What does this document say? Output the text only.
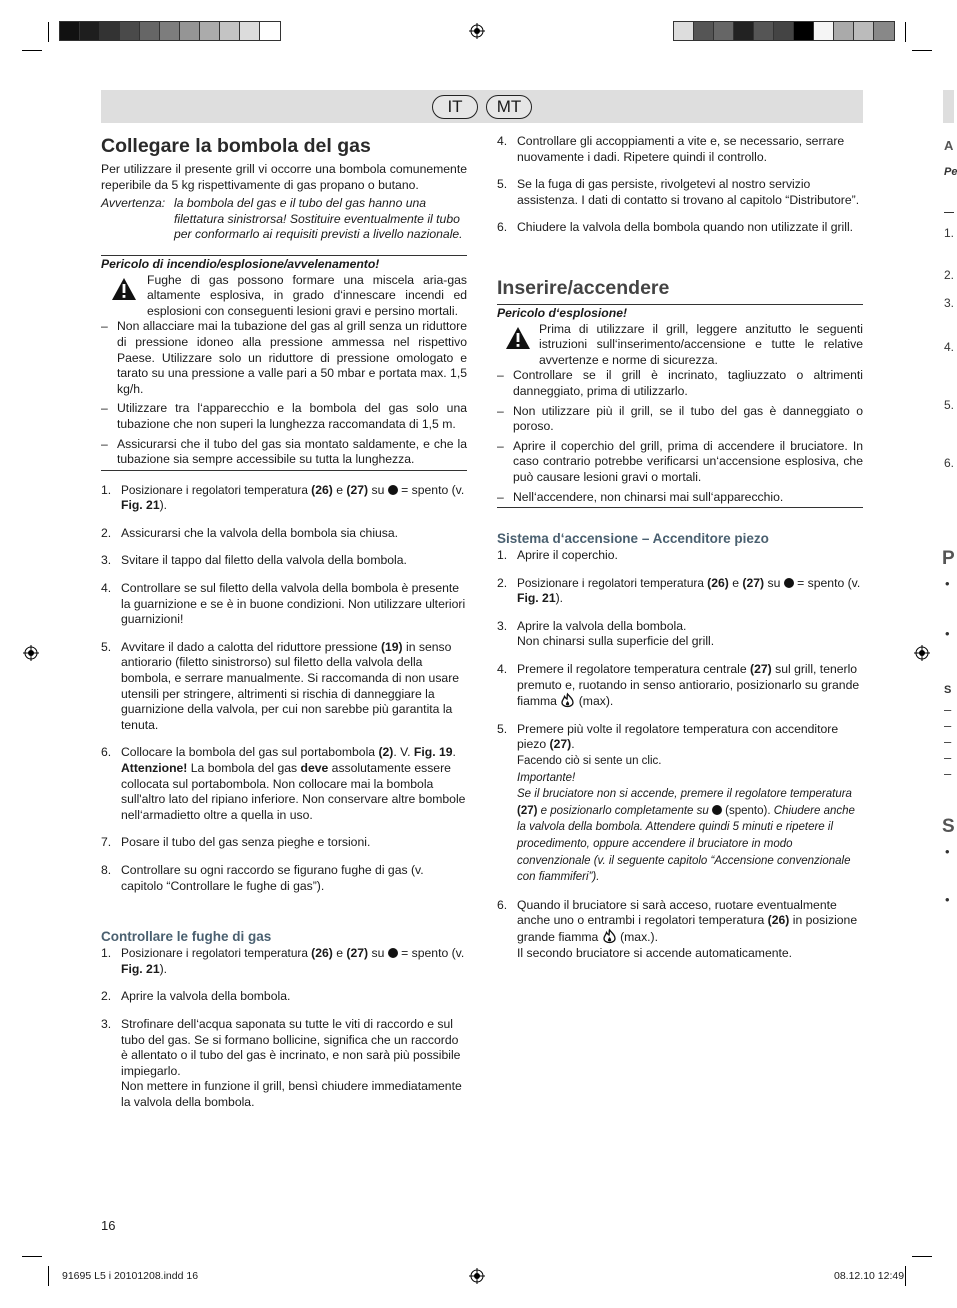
IT	MT
Collegare la bombola del gas

Per utilizzare il presente grill vi occorre una bombola comunemente reperibile da 5 kg rispettivamente di gas propano o butano.

Avvertenza: la bombola del gas e il tubo del gas hanno una filettatura sinistrorsa! Sostituire eventualmente il tubo per conformarlo ai requisiti previsti a livello nazionale.
Pericolo di incendio/esplosione/avvelenamento!

Fughe di gas possono formare una miscela aria-gas altamente esplosiva, in grado d‘innescare incendi ed esplosioni con conseguenti lesioni gravi e persino mortali.

– Non allacciare mai la tubazione del gas al grill senza un riduttore di pressione idoneo alla pressione ammessa nel rispettivo Paese. Utilizzare solo un riduttore di pressione omologato e tarato su una pressione a valle pari a 50 mbar e portata max. 1,5 kg/h.
– Utilizzare tra l‘apparecchio e la bombola del gas solo una tubazione che non superi la lunghezza raccomandata di 1,5 m.
– Assicurarsi che il tubo del gas sia montato saldamente, e che la tubazione sia sempre accessibile su tutta la lunghezza.
1. Posizionare i regolatori temperatura (26) e (27) su  = spento (v. Fig. 21).
2. Assicurarsi che la valvola della bombola sia chiusa.
3. Svitare il tappo dal filetto della valvola della bombola.
4. Controllare se sul filetto della valvola della bombola è presente la guarnizione e se è in buone condizioni. Non utilizzare ulteriori guarnizioni!
5. Avvitare il dado a calotta del riduttore pressione (19) in senso antiorario (filetto sinistrorso) sul filetto della valvola della bombola, e serrare manualmente. Si raccomanda di non usare utensili per stringere, altrimenti si rischia di danneggiare la guarnizione della valvola, per cui non sarebbe più garantita la tenuta.
6. Collocare la bombola del gas sul portabombola (2). V. Fig. 19.
Attenzione! La bombola del gas deve assolutamente essere collocata sul portabombola. Non collocare mai la bombola sull'altro lato del ripiano inferiore. Non conservare altre bombole nell‘armadietto oltre a quella in uso.
7. Posare il tubo del gas senza pieghe e torsioni.
8. Controllare su ogni raccordo se figurano fughe di gas (v. capitolo “Controllare le fughe di gas”).
Controllare le fughe di gas
1. Posizionare i regolatori temperatura (26) e (27) su  = spento (v. Fig. 21).
2. Aprire la valvola della bombola.
3. Strofinare dell‘acqua saponata su tutte le viti di raccordo e sul tubo del gas. Se si formano bollicine, significa che un raccordo è allentato o il tubo del gas è incrinato, e non sarà più possibile impiegarlo.
Non mettere in funzione il grill, bensì chiudere immediatamente la valvola della bombola.
4. Controllare gli accoppiamenti a vite e, se necessario, serrare nuovamente i dadi. Ripetere quindi il controllo.
5. Se la fuga di gas persiste, rivolgetevi al nostro servizio assistenza. I dati di contatto si trovano al capitolo “Distributore”.
6. Chiudere la valvola della bombola quando non utilizzate il grill.
Inserire/accendere
Pericolo d‘esplosione!

Prima di utilizzare il grill, leggere anzitutto le seguenti istruzioni sull‘inserimento/accensione e tutte le relative avvertenze e norme di sicurezza.

– Controllare se il grill è incrinato, tagliuzzato o altrimenti danneggiato, prima di utilizzarlo.
– Non utilizzare più il grill, se il tubo del gas è danneggiato o poroso.
– Aprire il coperchio del grill, prima di accendere il bruciatore. In caso contrario potrebbe verificarsi un‘accensione esplosiva, che può causare lesioni gravi o mortali.
– Nell‘accendere, non chinarsi mai sull‘apparecchio.
Sistema d‘accensione – Accenditore piezo
1. Aprire il coperchio.
2. Posizionare i regolatori temperatura (26) e (27) su  = spento (v. Fig. 21).
3. Aprire la valvola della bombola.
Non chinarsi sulla superficie del grill.
4. Premere il regolatore temperatura centrale (27) sul grill, tenerlo premuto e, ruotando in senso antiorario, posizionarlo su grande fiamma  (max).
5. Premere più volte il regolatore temperatura con accenditore piezo (27).
Facendo ciò si sente un clic.
Importante!
Se il bruciatore non si accende, premere il regolatore temperatura (27) e posizionarlo completamente su  (spento). Chiudere anche la valvola della bombola. Attendere quindi 5 minuti e ripetere il procedimento, oppure accendere il bruciatore in modo convenzionale (v. il seguente capitolo “Accensione convenzionale con fiammiferi”).
6. Quando il bruciatore si sarà acceso, ruotare eventualmente anche uno o entrambi i regolatori temperatura (26) in posizione grande fiamma  (max.).
Il secondo bruciatore si accende automaticamente.
A
Pe
1.
2.
3.
4.
5.
6.
P
•
•
S
–
–
–
–
–
S
•
•
16
91695 L5 i 20101208.indd 16	08.12.10 12:49
